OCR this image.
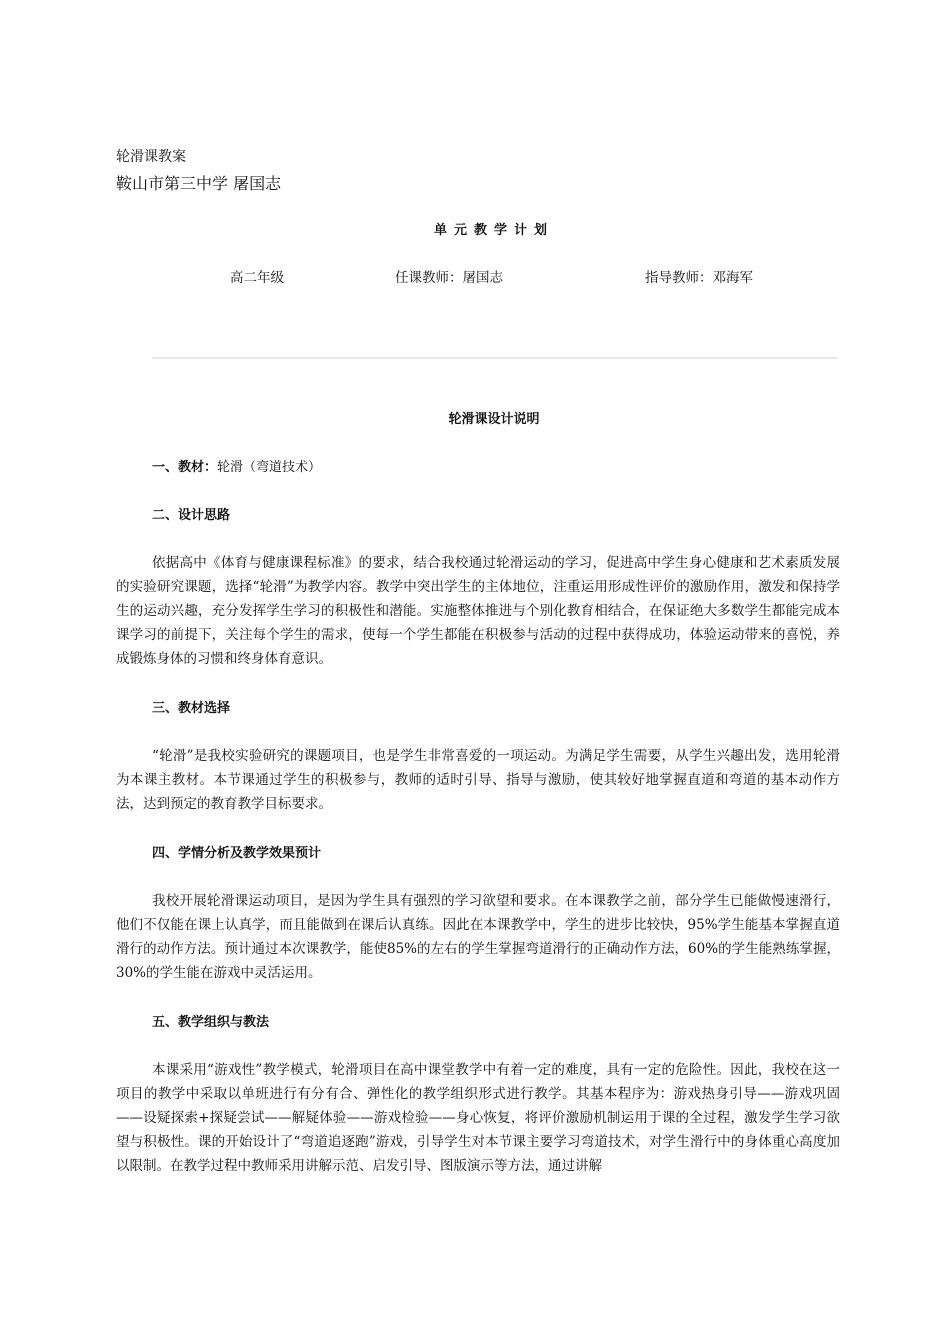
轮滑课教案

鞍山市第三中学 屠国志

单元教学计划

高二年级	任课教师：屠国志	指导教师：邓海军

轮滑课设计说明

一、教材：轮滑（弯道技术）

二、设计思路

依据高中《体育与健康课程标准》的要求，结合我校通过轮滑运动的学习，促进高中学生身心健康和艺术素质发展的实验研究课题，选择“轮滑”为教学内容。教学中突出学生的主体地位，注重运用形成性评价的激励作用，激发和保持学生的运动兴趣，充分发挥学生学习的积极性和潜能。实施整体推进与个别化教育相结合，在保证绝大多数学生都能完成本课学习的前提下，关注每个学生的需求，使每一个学生都能在积极参与活动的过程中获得成功，体验运动带来的喜悦，养成锻炼身体的习惯和终身体育意识。

三、教材选择

“轮滑”是我校实验研究的课题项目，也是学生非常喜爱的一项运动。为满足学生需要，从学生兴趣出发，选用轮滑为本课主教材。本节课通过学生的积极参与，教师的适时引导、指导与激励，使其较好地掌握直道和弯道的基本动作方法，达到预定的教育教学目标要求。

四、学情分析及教学效果预计

我校开展轮滑课运动项目，是因为学生具有强烈的学习欲望和要求。在本课教学之前，部分学生已能做慢速滑行，他们不仅能在课上认真学，而且能做到在课后认真练。因此在本课教学中，学生的进步比较快，95%学生能基本掌握直道滑行的动作方法。预计通过本次课教学，能使85%的左右的学生掌握弯道滑行的正确动作方法，60%的学生能熟练掌握，30%的学生能在游戏中灵活运用。

五、教学组织与教法

本课采用“游戏性”教学模式，轮滑项目在高中课堂教学中有着一定的难度，具有一定的危险性。因此，我校在这一项目的教学中采取以单班进行有分有合、弹性化的教学组织形式进行教学。其基本程序为：游戏热身引导——游戏巩固——设疑探索+探疑尝试——解疑体验——游戏检验——身心恢复，将评价激励机制运用于课的全过程，激发学生学习欲望与积极性。课的开始设计了“弯道追逐跑”游戏，引导学生对本节课主要学习弯道技术，对学生滑行中的身体重心高度加以限制。在教学过程中教师采用讲解示范、启发引导、图版演示等方法，通过讲解
